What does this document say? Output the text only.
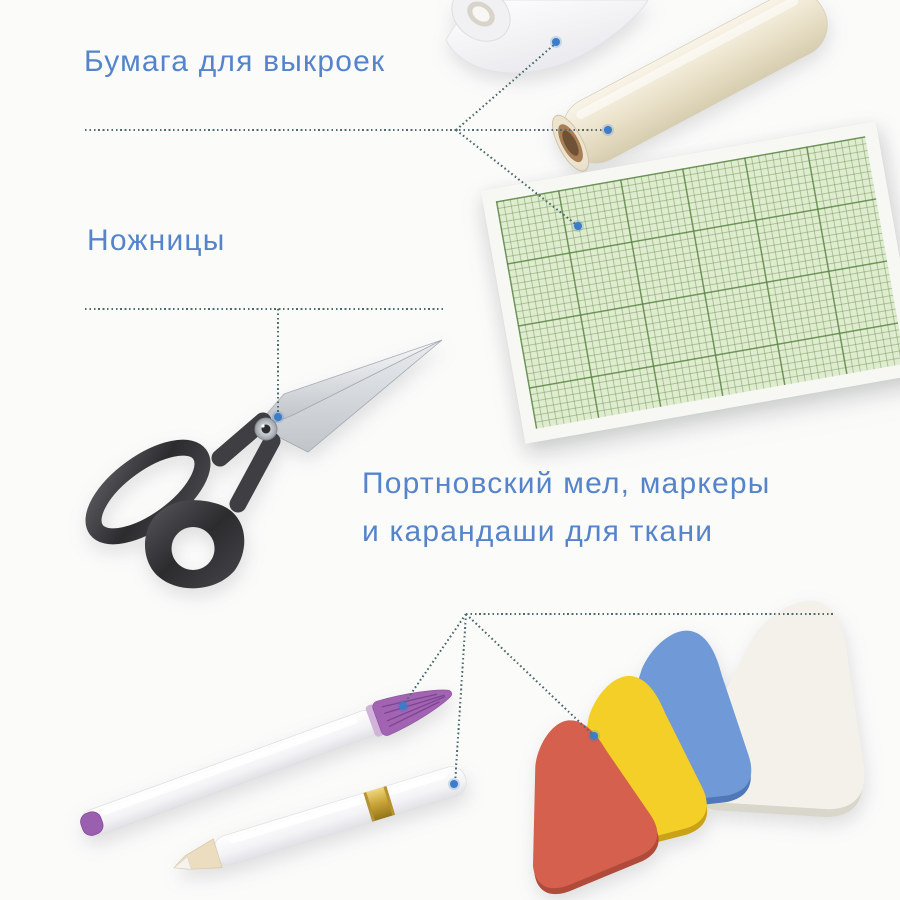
Бумага для выкроек
Ножницы
Портновский мел, маркеры
и карандаши для ткани
